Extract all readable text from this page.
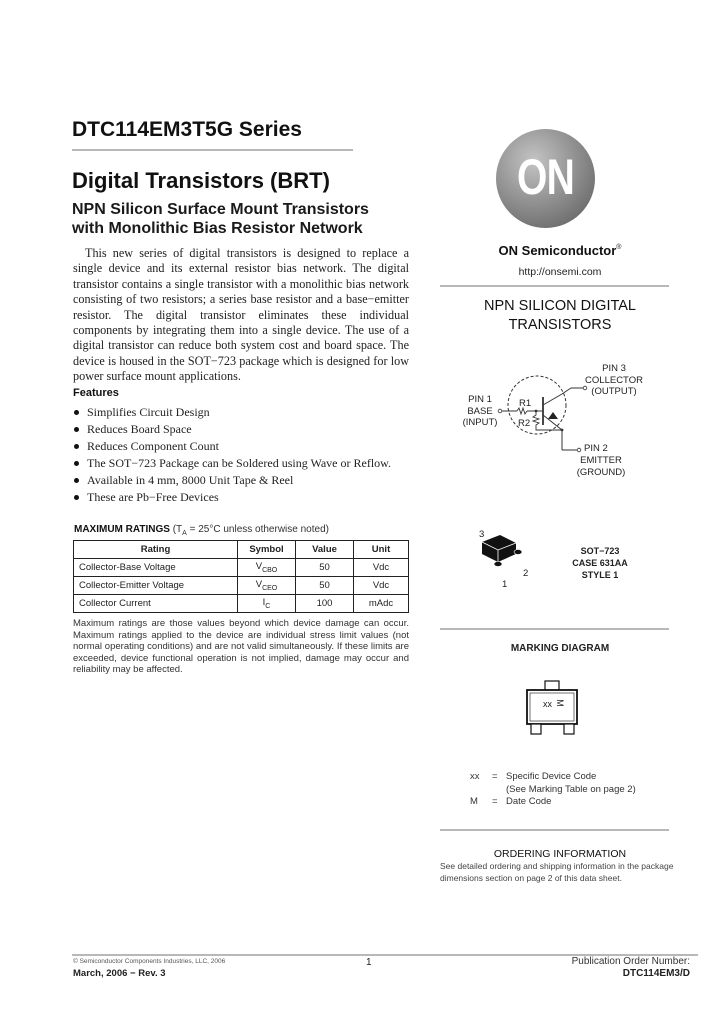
DTC114EM3T5G Series
Digital Transistors (BRT)
NPN Silicon Surface Mount Transistors
with Monolithic Bias Resistor Network

This new series of digital transistors is designed to replace a single device and its external resistor bias network. The digital transistor contains a single transistor with a monolithic bias network consisting of two resistors; a series base resistor and a base−emitter resistor. The digital transistor eliminates these individual components by integrating them into a single device. The use of a digital transistor can reduce both system cost and board space. The device is housed in the SOT−723 package which is designed for low power surface mount applications.

Features
Simplifies Circuit Design
Reduces Board Space
Reduces Component Count
The SOT−723 Package can be Soldered using Wave or Reflow.
Available in 4 mm, 8000 Unit Tape & Reel
These are Pb−Free Devices
MAXIMUM RATINGS ($T_A = 25^\circ C$ unless otherwise noted)
Rating	Symbol	Value	Unit
Collector-Base Voltage	$V_{CBO}$	50	Vdc
Collector-Emitter Voltage	$V_{CEO}$	50	Vdc
Collector Current	$I_C$	100	mAdc

Maximum ratings are those values beyond which device damage can occur. Maximum ratings applied to the device are individual stress limit values (not normal operating conditions) and are not valid simultaneously. If these limits are exceeded, device functional operation is not implied, damage may occur and reliability may be affected.

ON
ON Semiconductor®
http://onsemi.com
NPN SILICON DIGITAL
TRANSISTORS
PIN 3
COLLECTOR
(OUTPUT)
PIN 1
BASE
(INPUT)
R1
R2
PIN 2
EMITTER
(GROUND)
3
1
2
SOT−723
CASE 631AA
STYLE 1
MARKING DIAGRAM
xx M
xx	= Specific Device Code
(See Marking Table on page 2)
M	= Date Code
ORDERING INFORMATION
See detailed ordering and shipping information in the package dimensions section on page 2 of this data sheet.
© Semiconductor Components Industries, LLC, 2006
March, 2006 − Rev. 3
1	Publication Order Number:
DTC114EM3/D
